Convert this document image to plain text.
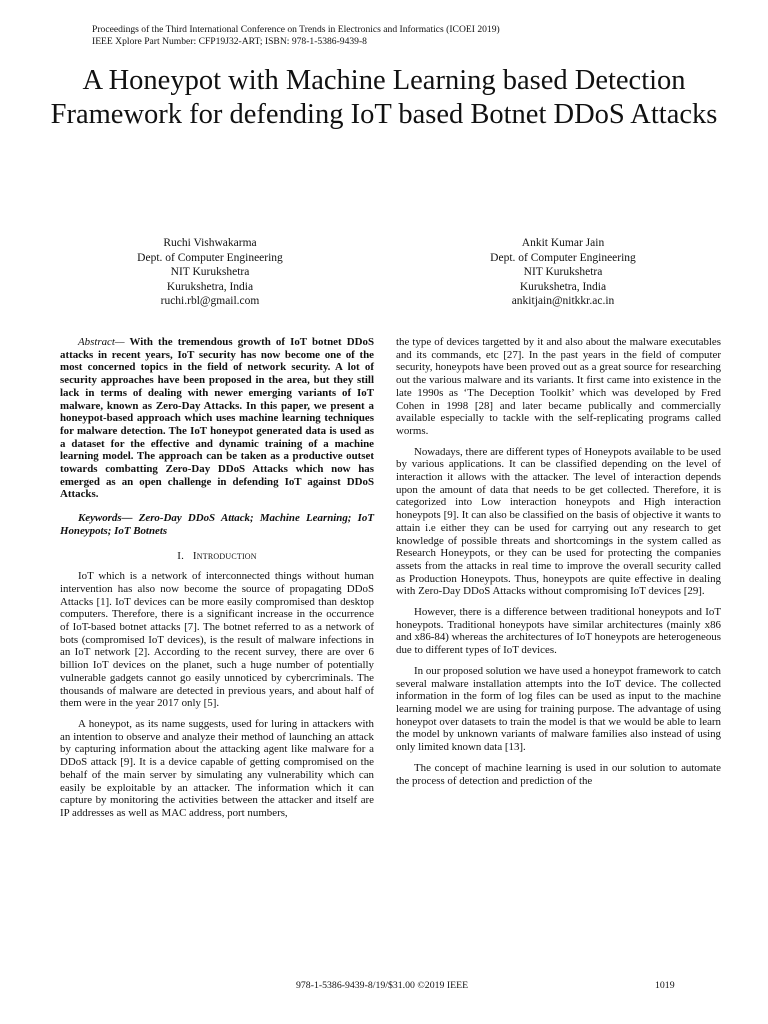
Proceedings of the Third International Conference on Trends in Electronics and Informatics (ICOEI 2019)
IEEE Xplore Part Number: CFP19J32-ART; ISBN: 978-1-5386-9439-8
A Honeypot with Machine Learning based Detection Framework for defending IoT based Botnet DDoS Attacks
Ruchi Vishwakarma
Dept. of Computer Engineering
NIT Kurukshetra
Kurukshetra, India
ruchi.rbl@gmail.com
Ankit Kumar Jain
Dept. of Computer Engineering
NIT Kurukshetra
Kurukshetra, India
ankitjain@nitkkr.ac.in

Abstract— With the tremendous growth of IoT botnet DDoS attacks in recent years, IoT security has now become one of the most concerned topics in the field of network security. A lot of security approaches have been proposed in the area, but they still lack in terms of dealing with newer emerging variants of IoT malware, known as Zero-Day Attacks. In this paper, we present a honeypot-based approach which uses machine learning techniques for malware detection. The IoT honeypot generated data is used as a dataset for the effective and dynamic training of a machine learning model. The approach can be taken as a productive outset towards combatting Zero-Day DDoS Attacks which now has emerged as an open challenge in defending IoT against DDoS Attacks.

Keywords— Zero-Day DDoS Attack; Machine Learning; IoT Honeypots; IoT Botnets

I. Introduction

IoT which is a network of interconnected things without human intervention has also now become the source of propagating DDoS Attacks [1]. IoT devices can be more easily compromised than desktop computers. Therefore, there is a significant increase in the occurrence of IoT-based botnet attacks [7]. The botnet referred to as a network of bots (compromised IoT devices), is the result of malware infections in an IoT network [2]. According to the recent survey, there are over 6 billion IoT devices on the planet, such a huge number of potentially vulnerable gadgets cannot go easily unnoticed by cybercriminals. The thousands of malware are detected in previous years, and about half of them were in the year 2017 only [5].

A honeypot, as its name suggests, used for luring in attackers with an intention to observe and analyze their method of launching an attack by capturing information about the attacking agent like malware for a DDoS attack [9]. It is a device capable of getting compromised on the behalf of the main server by simulating any vulnerability which can easily be exploitable by an attacker. The information which it can capture by monitoring the activities between the attacker and itself are IP addresses as well as MAC address, port numbers,

the type of devices targetted by it and also about the malware executables and its commands, etc [27]. In the past years in the field of computer security, honeypots have been proved out as a great source for researching out the various malware and its variants. It first came into existence in the late 1990s as ‘The Deception Toolkit’ which was developed by Fred Cohen in 1998 [28] and later became publically and commercially available especially to tackle with the self-replicating programs called worms.

Nowadays, there are different types of Honeypots available to be used by various applications. It can be classified depending on the level of interaction it allows with the attacker. The level of interaction depends upon the amount of data that needs to be get collected. Therefore, it is categorized into Low interaction honeypots and High interaction honeypots [9]. It can also be classified on the basis of objective it wants to attain i.e either they can be used for carrying out any research to get knowledge of possible threats and shortcomings in the system called as Research Honeypots, or they can be used for protecting the companies assets from the attacks in real time to improve the overall security called as Production Honeypots. Thus, honeypots are quite effective in dealing with Zero-Day DDoS Attacks without compromising IoT devices [29].

However, there is a difference between traditional honeypots and IoT honeypots. Traditional honeypots have similar architectures (mainly x86 and x86-84) whereas the architectures of IoT honeypots are heterogeneous due to different types of IoT devices.

In our proposed solution we have used a honeypot framework to catch several malware installation attempts into the IoT device. The collected information in the form of log files can be used as input to the machine learning model we are using for training purpose. The advantage of using honeypot over datasets to train the model is that we would be able to learn the model by unknown variants of malware families also instead of using only limited known data [13].

The concept of machine learning is used in our solution to automate the process of detection and prediction of the

978-1-5386-9439-8/19/$31.00 ©2019 IEEE	1019
